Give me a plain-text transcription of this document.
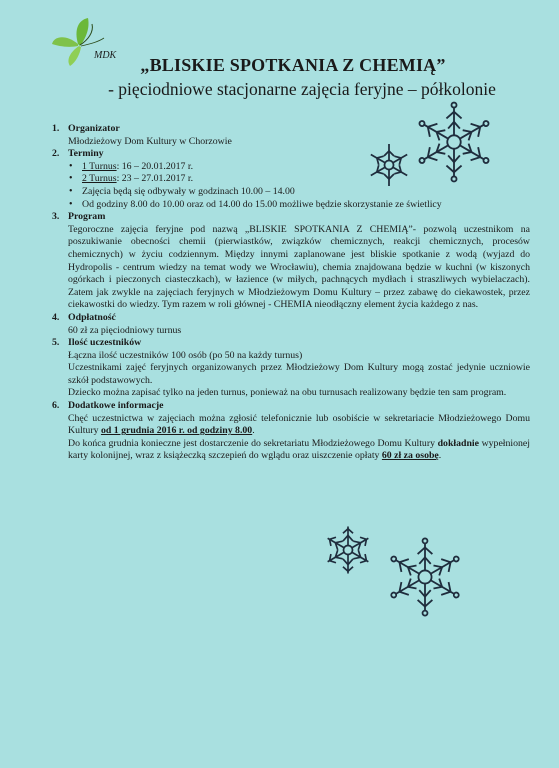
MDK	„BLISKIE SPOTKANIA Z CHEMIĄ”
- pięciodniowe stacjonarne zajęcia feryjne – półkolonie
1. Organizator
Młodzieżowy Dom Kultury w Chorzowie
2. Terminy
• 1 Turnus: 16 – 20.01.2017 r.
• 2 Turnus: 23 – 27.01.2017 r.
• Zajęcia będą się odbywały w godzinach 10.00 – 14.00
• Od godziny 8.00 do 10.00 oraz od 14.00 do 15.00 możliwe będzie skorzystanie ze świetlicy
3. Program
Tegoroczne zajęcia feryjne pod nazwą „BLISKIE SPOTKANIA Z CHEMIĄ”- pozwolą uczestnikom na poszukiwanie obecności chemii (pierwiastków, związków chemicznych, reakcji chemicznych, procesów chemicznych) w życiu codziennym. Między innymi zaplanowane jest bliskie spotkanie z wodą (wyjazd do Hydropolis - centrum wiedzy na temat wody we Wrocławiu), chemia znajdowana będzie w kuchni (w kiszonych ogórkach i pieczonych ciasteczkach), w łazience (w miłych, pachnących mydłach i straszliwych wybielaczach). Zatem jak zwykle na zajęciach feryjnych w Młodzieżowym Domu Kultury – przez zabawę do ciekawostek, przez ciekawostki do wiedzy. Tym razem w roli głównej - CHEMIA nieodłączny element życia każdego z nas.
4. Odpłatność
60 zł za pięciodniowy turnus
5. Ilość uczestników
Łączna ilość uczestników 100 osób (po 50 na każdy turnus)
Uczestnikami zajęć feryjnych organizowanych przez Młodzieżowy Dom Kultury mogą zostać jedynie uczniowie szkół podstawowych.
Dziecko można zapisać tylko na jeden turnus, ponieważ na obu turnusach realizowany będzie ten sam program.
6. Dodatkowe informacje
Chęć uczestnictwa w zajęciach można zgłosić telefonicznie lub osobiście w sekretariacie Młodzieżowego Domu Kultury od 1 grudnia 2016 r. od godziny 8.00.
Do końca grudnia konieczne jest dostarczenie do sekretariatu Młodzieżowego Domu Kultury dokładnie wypełnionej karty kolonijnej, wraz z książeczką szczepień do wglądu oraz uiszczenie opłaty 60 zł za osobę.
